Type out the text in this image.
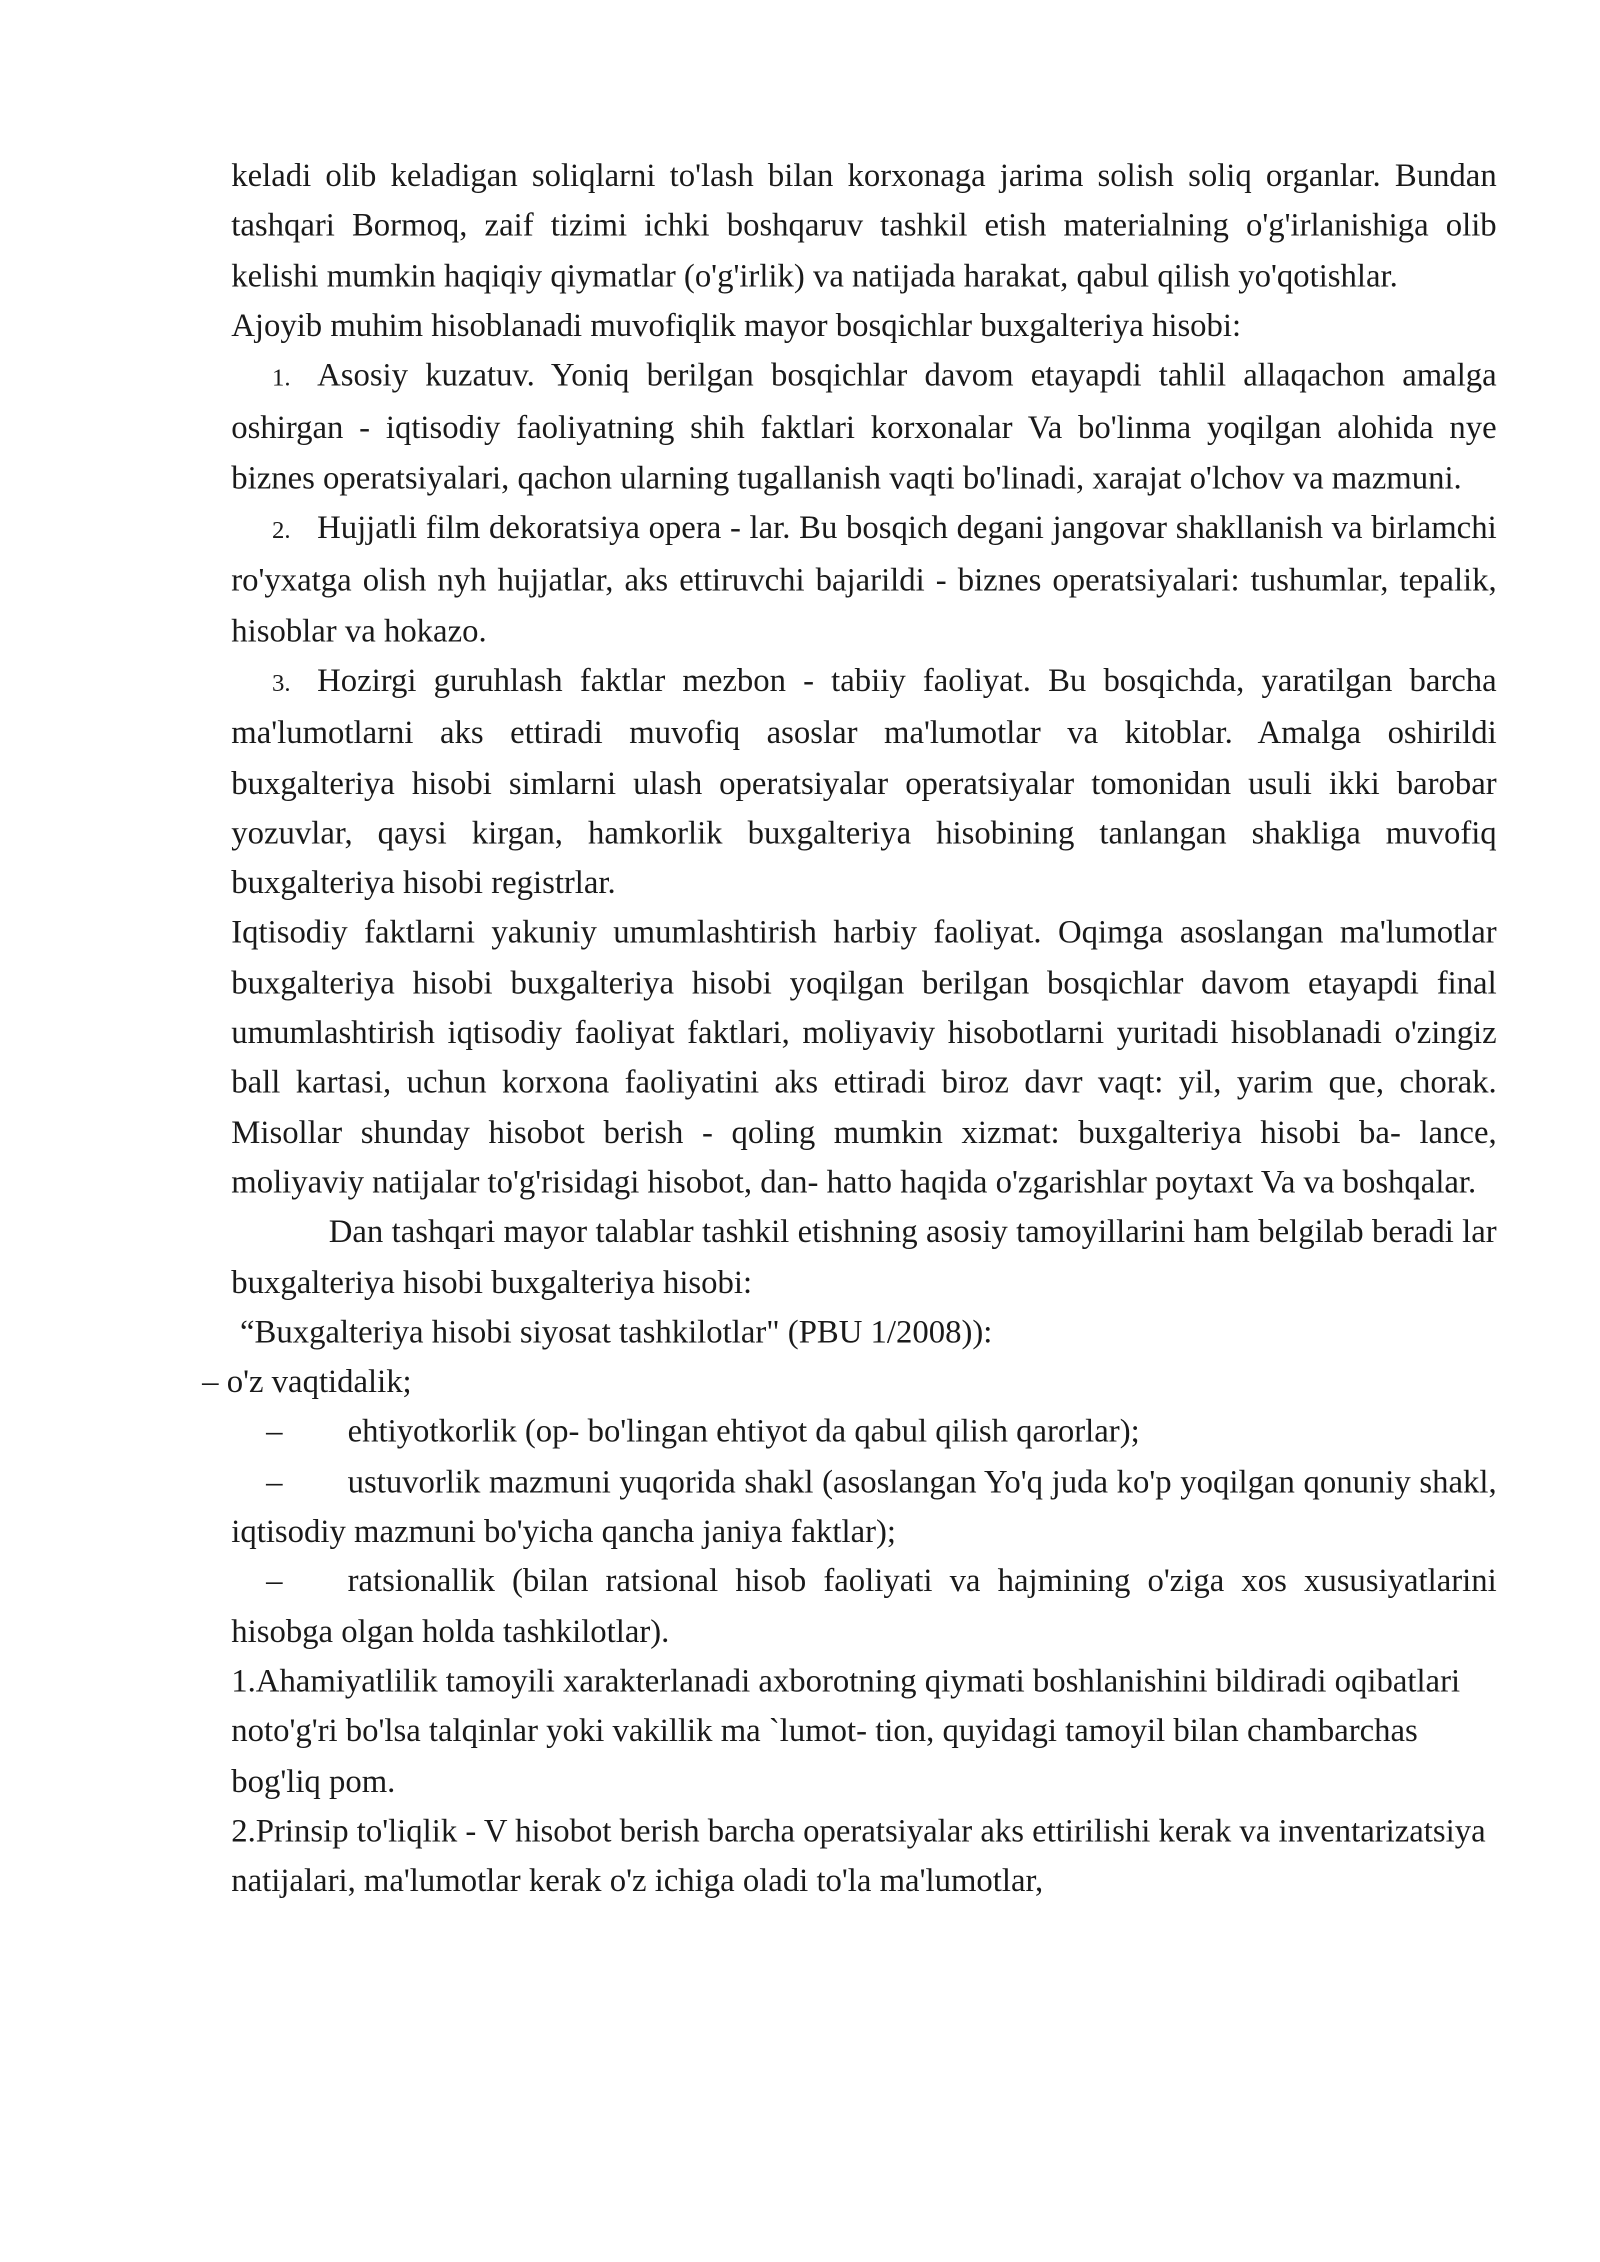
keladi olib keladigan soliqlarni to'lash bilan korxonaga jarima solish soliq organlar. Bundan tashqari Bormoq, zaif tizimi ichki boshqaruv tashkil etish materialning o'g'irlanishiga olib kelishi mumkin haqiqiy qiymatlar (o'g'irlik) va natijada harakat, qabul qilish yo'qotishlar.

Ajoyib muhim hisoblanadi muvofiqlik mayor bosqichlar buxgalteriya hisobi:

1. Asosiy kuzatuv. Yoniq berilgan bosqichlar davom etayapdi tahlil allaqachon amalga oshirgan - iqtisodiy faoliyatning shih faktlari korxonalar Va bo'linma yoqilgan alohida nye biznes operatsiyalari, qachon ularning tugallanish vaqti bo'linadi, xarajat o'lchov va mazmuni.

2. Hujjatli film dekoratsiya opera - lar. Bu bosqich degani jangovar shakllanish va birlamchi ro'yxatga olish nyh hujjatlar, aks ettiruvchi bajarildi - biznes operatsiyalari: tushumlar, tepalik, hisoblar va hokazo.

3. Hozirgi guruhlash faktlar mezbon - tabiiy faoliyat. Bu bosqichda, yaratilgan barcha ma'lumotlarni aks ettiradi muvofiq asoslar ma'lumotlar va kitoblar. Amalga oshirildi buxgalteriya hisobi simlarni ulash operatsiyalar operatsiyalar tomonidan usuli ikki barobar yozuvlar, qaysi kirgan, hamkorlik buxgalteriya hisobining tanlangan shakliga muvofiq buxgalteriya hisobi registrlar.

Iqtisodiy faktlarni yakuniy umumlashtirish harbiy faoliyat. Oqimga asoslangan ma'lumotlar buxgalteriya hisobi buxgalteriya hisobi yoqilgan berilgan bosqichlar davom etayapdi final umumlashtirish iqtisodiy faoliyat faktlari, moliyaviy hisobotlarni yuritadi hisoblanadi o'zingiz ball kartasi, uchun korxona faoliyatini aks ettiradi biroz davr vaqt: yil, yarim que, chorak. Misollar shunday hisobot berish - qoling mumkin xizmat: buxgalteriya hisobi ba- lance, moliyaviy natijalar to'g'risidagi hisobot, dan- hatto haqida o'zgarishlar poytaxt Va va boshqalar.

Dan tashqari mayor talablar tashkil etishning asosiy tamoyillarini ham belgilab beradi lar buxgalteriya hisobi buxgalteriya hisobi:

“Buxgalteriya hisobi siyosat tashkilotlar" (PBU 1/2008)):

– o'z vaqtidalik;

–	ehtiyotkorlik (op- bo'lingan ehtiyot da qabul qilish qarorlar);

–	ustuvorlik mazmuni yuqorida shakl (asoslangan Yo'q juda ko'p yoqilgan qonuniy shakl, iqtisodiy mazmuni bo'yicha qancha janiya faktlar);

–	ratsionallik (bilan ratsional hisob faoliyati va hajmining o'ziga xos xususiyatlarini hisobga olgan holda tashkilotlar).

1.Ahamiyatlilik tamoyili xarakterlanadi axborotning qiymati boshlanishini bildiradi oqibatlari noto'g'ri bo'lsa talqinlar yoki vakillik ma `lumot- tion, quyidagi tamoyil bilan chambarchas bog'liq pom.

2.Prinsip to'liqlik - V hisobot berish barcha operatsiyalar aks ettirilishi kerak va inventarizatsiya natijalari, ma'lumotlar kerak o'z ichiga oladi to'la ma'lumotlar,
